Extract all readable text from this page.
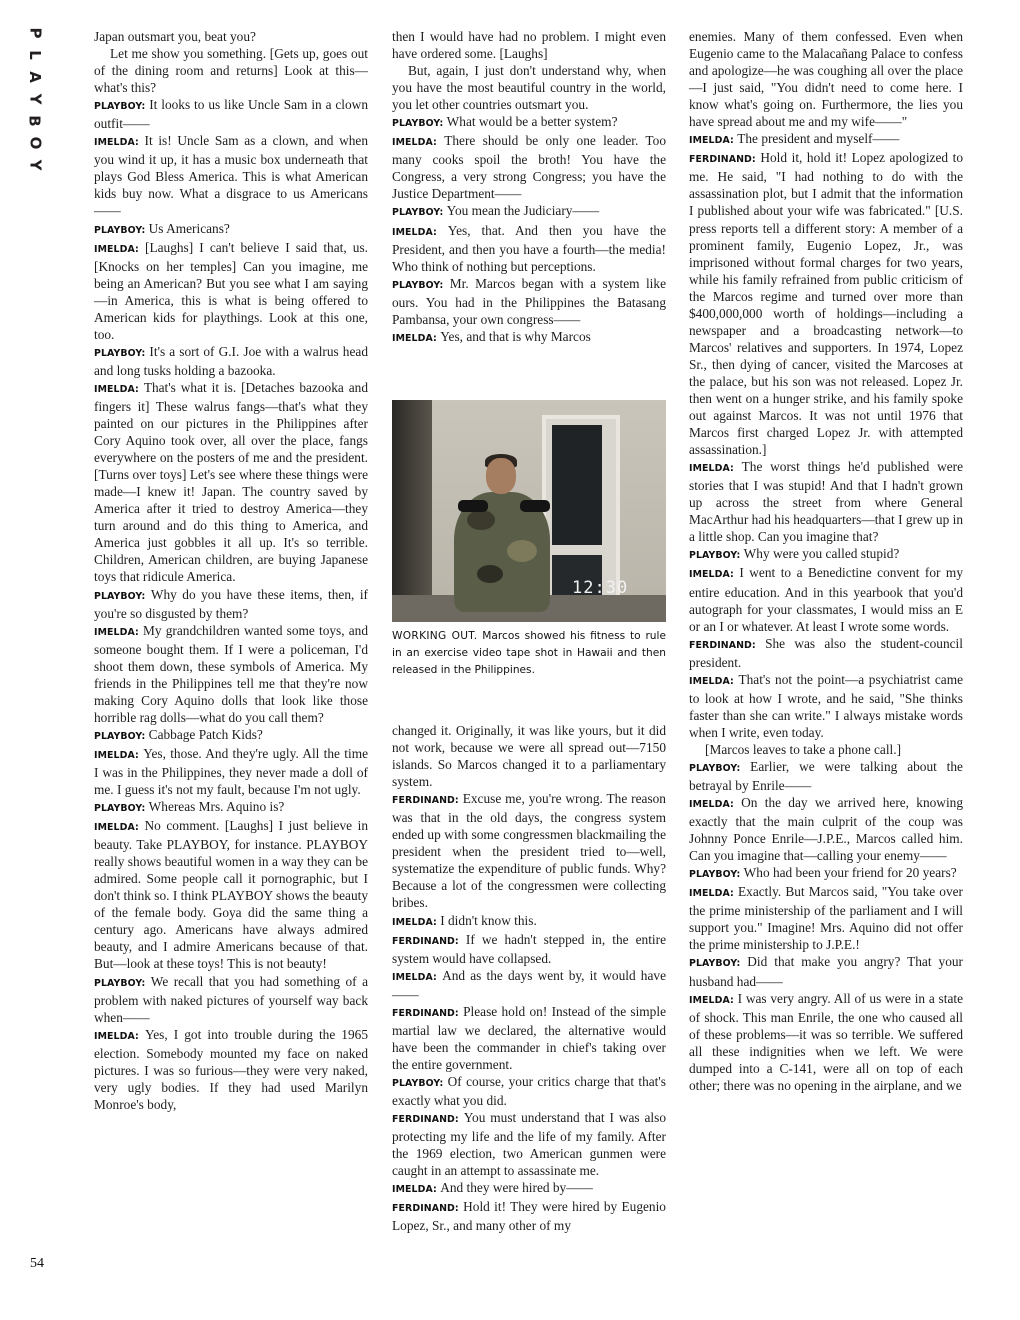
P
L
A
Y
B
O
Y
54

Japan outsmart you, beat you?

Let me show you something. [Gets up, goes out of the dining room and returns] Look at this—what's this?

PLAYBOY: It looks to us like Uncle Sam in a clown outfit——

IMELDA: It is! Uncle Sam as a clown, and when you wind it up, it has a music box underneath that plays God Bless America. This is what American kids buy now. What a disgrace to us Americans——

PLAYBOY: Us Americans?

IMELDA: [Laughs] I can't believe I said that, us. [Knocks on her temples] Can you imagine, me being an American? But you see what I am saying—in America, this is what is being offered to American kids for playthings. Look at this one, too.

PLAYBOY: It's a sort of G.I. Joe with a walrus head and long tusks holding a bazooka.

IMELDA: That's what it is. [Detaches bazooka and fingers it] These walrus fangs—that's what they painted on our pictures in the Philippines after Cory Aquino took over, all over the place, fangs everywhere on the posters of me and the president. [Turns over toys] Let's see where these things were made—I knew it! Japan. The country saved by America after it tried to destroy America—they turn around and do this thing to America, and America just gobbles it all up. It's so terrible. Children, American children, are buying Japanese toys that ridicule America.

PLAYBOY: Why do you have these items, then, if you're so disgusted by them?

IMELDA: My grandchildren wanted some toys, and someone bought them. If I were a policeman, I'd shoot them down, these symbols of America. My friends in the Philippines tell me that they're now making Cory Aquino dolls that look like those horrible rag dolls—what do you call them?

PLAYBOY: Cabbage Patch Kids?

IMELDA: Yes, those. And they're ugly. All the time I was in the Philippines, they never made a doll of me. I guess it's not my fault, because I'm not ugly.

PLAYBOY: Whereas Mrs. Aquino is?

IMELDA: No comment. [Laughs] I just believe in beauty. Take PLAYBOY, for instance. PLAYBOY really shows beautiful women in a way they can be admired. Some people call it pornographic, but I don't think so. I think PLAYBOY shows the beauty of the female body. Goya did the same thing a century ago. Americans have always admired beauty, and I admire Americans because of that. But—look at these toys! This is not beauty!

PLAYBOY: We recall that you had something of a problem with naked pictures of yourself way back when——

IMELDA: Yes, I got into trouble during the 1965 election. Somebody mounted my face on naked pictures. I was so furious—they were very naked, very ugly bodies. If they had used Marilyn Monroe's body,

then I would have had no problem. I might even have ordered some. [Laughs]

But, again, I just don't understand why, when you have the most beautiful country in the world, you let other countries outsmart you.

PLAYBOY: What would be a better system?

IMELDA: There should be only one leader. Too many cooks spoil the broth! You have the Congress, a very strong Congress; you have the Justice Department——

PLAYBOY: You mean the Judiciary——

IMELDA: Yes, that. And then you have the President, and then you have a fourth—the media! Who think of nothing but perceptions.

PLAYBOY: Mr. Marcos began with a system like ours. You had in the Philippines the Batasang Pambansa, your own congress——

IMELDA: Yes, and that is why Marcos

12:30
WORKING OUT. Marcos showed his fitness to rule in an exercise video tape shot in Hawaii and then released in the Philippines.

changed it. Originally, it was like yours, but it did not work, because we were all spread out—7150 islands. So Marcos changed it to a parliamentary system.

FERDINAND: Excuse me, you're wrong. The reason was that in the old days, the congress system ended up with some congressmen blackmailing the president when the president tried to—well, systematize the expenditure of public funds. Why? Because a lot of the congressmen were collecting bribes.

IMELDA: I didn't know this.

FERDINAND: If we hadn't stepped in, the entire system would have collapsed.

IMELDA: And as the days went by, it would have——

FERDINAND: Please hold on! Instead of the simple martial law we declared, the alternative would have been the commander in chief's taking over the entire government.

PLAYBOY: Of course, your critics charge that that's exactly what you did.

FERDINAND: You must understand that I was also protecting my life and the life of my family. After the 1969 election, two American gunmen were caught in an attempt to assassinate me.

IMELDA: And they were hired by——

FERDINAND: Hold it! They were hired by Eugenio Lopez, Sr., and many other of my

enemies. Many of them confessed. Even when Eugenio came to the Malacañang Palace to confess and apologize—he was coughing all over the place—I just said, "You didn't need to come here. I know what's going on. Furthermore, the lies you have spread about me and my wife——"

IMELDA: The president and myself——

FERDINAND: Hold it, hold it! Lopez apologized to me. He said, "I had nothing to do with the assassination plot, but I admit that the information I published about your wife was fabricated." [U.S. press reports tell a different story: A member of a prominent family, Eugenio Lopez, Jr., was imprisoned without formal charges for two years, while his family refrained from public criticism of the Marcos regime and turned over more than $400,000,000 worth of holdings—including a newspaper and a broadcasting network—to Marcos' relatives and supporters. In 1974, Lopez Sr., then dying of cancer, visited the Marcoses at the palace, but his son was not released. Lopez Jr. then went on a hunger strike, and his family spoke out against Marcos. It was not until 1976 that Marcos first charged Lopez Jr. with attempted assassination.]

IMELDA: The worst things he'd published were stories that I was stupid! And that I hadn't grown up across the street from where General MacArthur had his headquarters—that I grew up in a little shop. Can you imagine that?

PLAYBOY: Why were you called stupid?

IMELDA: I went to a Benedictine convent for my entire education. And in this yearbook that you'd autograph for your classmates, I would miss an E or an I or whatever. At least I wrote some words.

FERDINAND: She was also the student-council president.

IMELDA: That's not the point—a psychiatrist came to look at how I wrote, and he said, "She thinks faster than she can write." I always mistake words when I write, even today.

[Marcos leaves to take a phone call.]

PLAYBOY: Earlier, we were talking about the betrayal by Enrile——

IMELDA: On the day we arrived here, knowing exactly that the main culprit of the coup was Johnny Ponce Enrile—J.P.E., Marcos called him. Can you imagine that—calling your enemy——

PLAYBOY: Who had been your friend for 20 years?

IMELDA: Exactly. But Marcos said, "You take over the prime ministership of the parliament and I will support you." Imagine! Mrs. Aquino did not offer the prime ministership to J.P.E.!

PLAYBOY: Did that make you angry? That your husband had——

IMELDA: I was very angry. All of us were in a state of shock. This man Enrile, the one who caused all of these problems—it was so terrible. We suffered all these indignities when we left. We were dumped into a C-141, were all on top of each other; there was no opening in the airplane, and we
